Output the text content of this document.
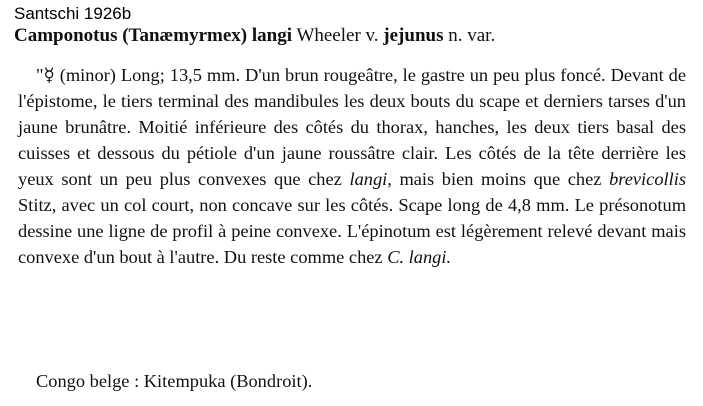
Santschi 1926b
Camponotus (Tanæmyrmex) langi Wheeler v. jejunus n. var.

"☿ (minor) Long; 13,5 mm. D'un brun rougeâtre, le gastre un peu plus foncé. Devant de l'épistome, le tiers terminal des mandibules les deux bouts du scape et derniers tarses d'un jaune brunâtre. Moitié inférieure des côtés du thorax, hanches, les deux tiers basal des cuisses et dessous du pétiole d'un jaune roussâtre clair. Les côtés de la tête derrière les yeux sont un peu plus convexes que chez langi, mais bien moins que chez brevicollis Stitz, avec un col court, non concave sur les côtés. Scape long de 4,8 mm. Le présonotum dessine une ligne de profil à peine convexe. L'épinotum est légèrement relevé devant mais convexe d'un bout à l'autre. Du reste comme chez C. langi.

Congo belge : Kitempuka (Bondroit).
